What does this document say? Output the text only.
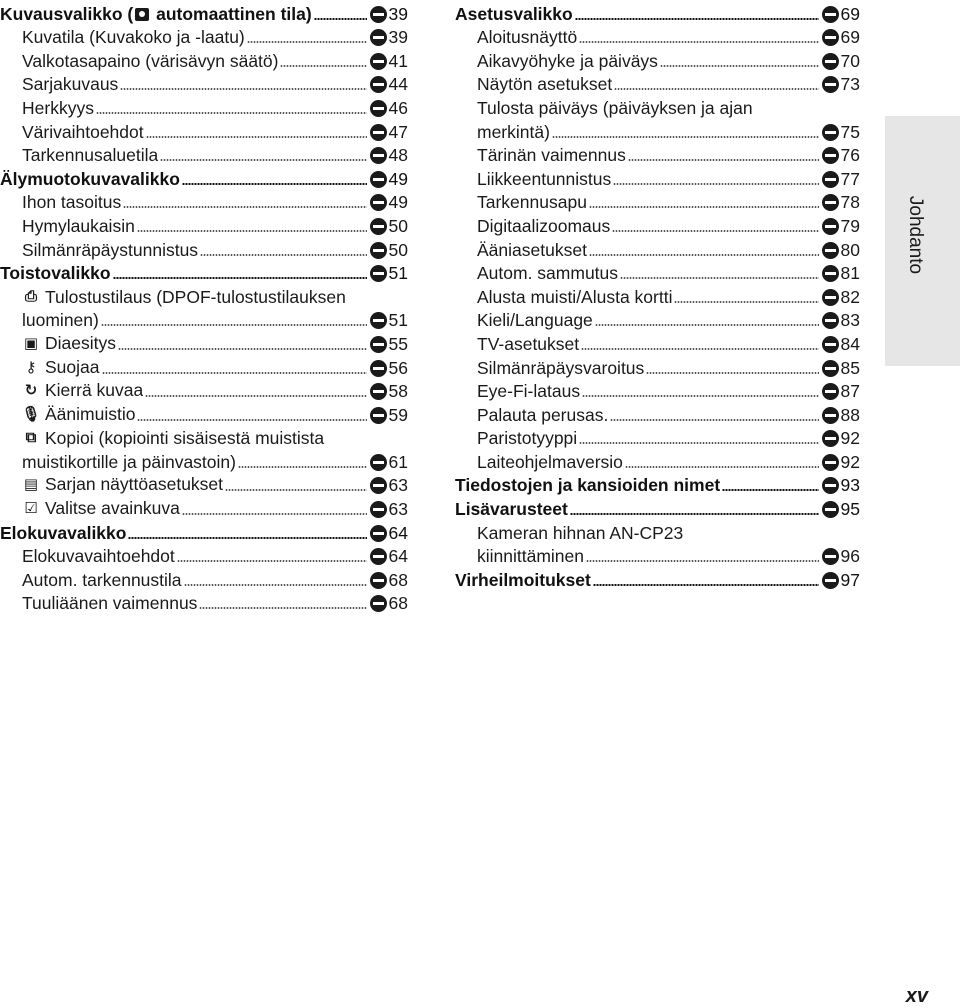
Kuvausvalikko ( automaattinen tila)	39
Kuvatila (Kuvakoko ja -laatu)	39
Valkotasapaino (värisävyn säätö)	41
Sarjakuvaus	44
Herkkyys	46
Värivaihtoehdot	47
Tarkennusaluetila	48
Älymuotokuvavalikko	49
Ihon tasoitus	49
Hymylaukaisin	50
Silmänräpäystunnistus	50
Toistovalikko	51
⎙ Tulostustilaus (DPOF-tulostustilauksen
luominen)	51
▣ Diaesitys	55
⚷ Suojaa	56
↻ Kierrä kuvaa	58
🎙 Äänimuistio	59
⧉ Kopioi (kopiointi sisäisestä muistista
muistikortille ja päinvastoin)	61
▤ Sarjan näyttöasetukset	63
☑ Valitse avainkuva	63
Elokuvavalikko	64
Elokuvavaihtoehdot	64
Autom. tarkennustila	68
Tuuliäänen vaimennus	68
Asetusvalikko	69
Aloitusnäyttö	69
Aikavyöhyke ja päiväys	70
Näytön asetukset	73
Tulosta päiväys (päiväyksen ja ajan
merkintä)	75
Tärinän vaimennus	76
Liikkeentunnistus	77
Tarkennusapu	78
Digitaalizoomaus	79
Ääniasetukset	80
Autom. sammutus	81
Alusta muisti/Alusta kortti	82
Kieli/Language	83
TV-asetukset	84
Silmänräpäysvaroitus	85
Eye-Fi-lataus	87
Palauta perusas.	88
Paristotyyppi	92
Laiteohjelmaversio	92
Tiedostojen ja kansioiden nimet	93
Lisävarusteet	95
Kameran hihnan AN-CP23
kiinnittäminen	96
Virheilmoitukset	97
Johdanto
xv
